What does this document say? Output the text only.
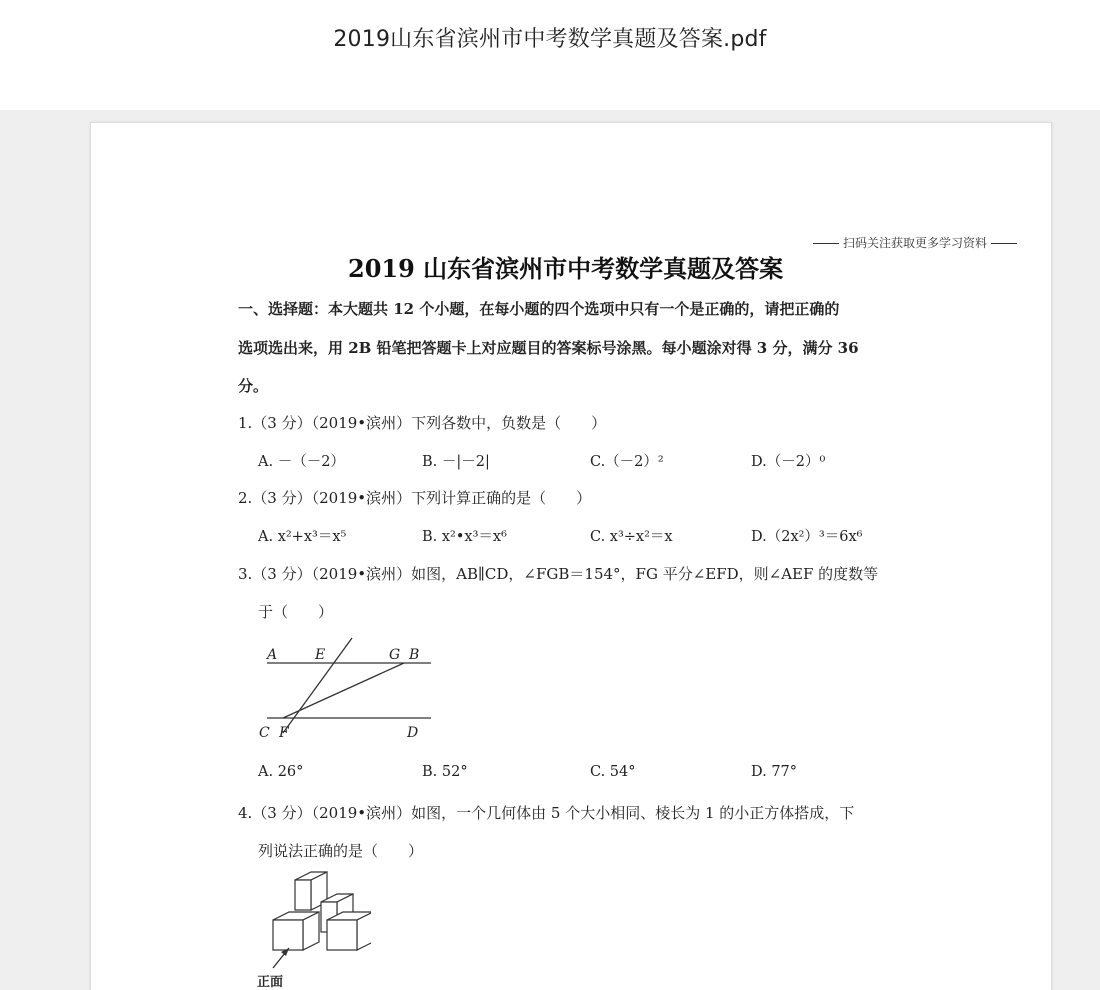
2019山东省滨州市中考数学真题及答案.pdf
扫码关注获取更多学习资料
2019 山东省滨州市中考数学真题及答案
一、选择题：本大题共 12 个小题，在每小题的四个选项中只有一个是正确的，请把正确的
选项选出来，用 2B 铅笔把答题卡上对应题目的答案标号涂黑。每小题涂对得 3 分，满分 36
分。
1.（3 分）（2019•滨州）下列各数中，负数是（　　）
A. －（－2）	B. －|－2|	C.（－2）²	D.（－2）⁰
2.（3 分）（2019•滨州）下列计算正确的是（　　）
A. x²+x³＝x⁵	B. x²•x³＝x⁶	C. x³÷x²＝x	D.（2x²）³＝6x⁶
3.（3 分）（2019•滨州）如图，AB∥CD，∠FGB＝154°，FG 平分∠EFD，则∠AEF 的度数等
于（　　）
A	E	G B
C F	D
A. 26°	B. 52°	C. 54°	D. 77°
4.（3 分）（2019•滨州）如图，一个几何体由 5 个大小相同、棱长为 1 的小正方体搭成，下
列说法正确的是（　　）
正面
